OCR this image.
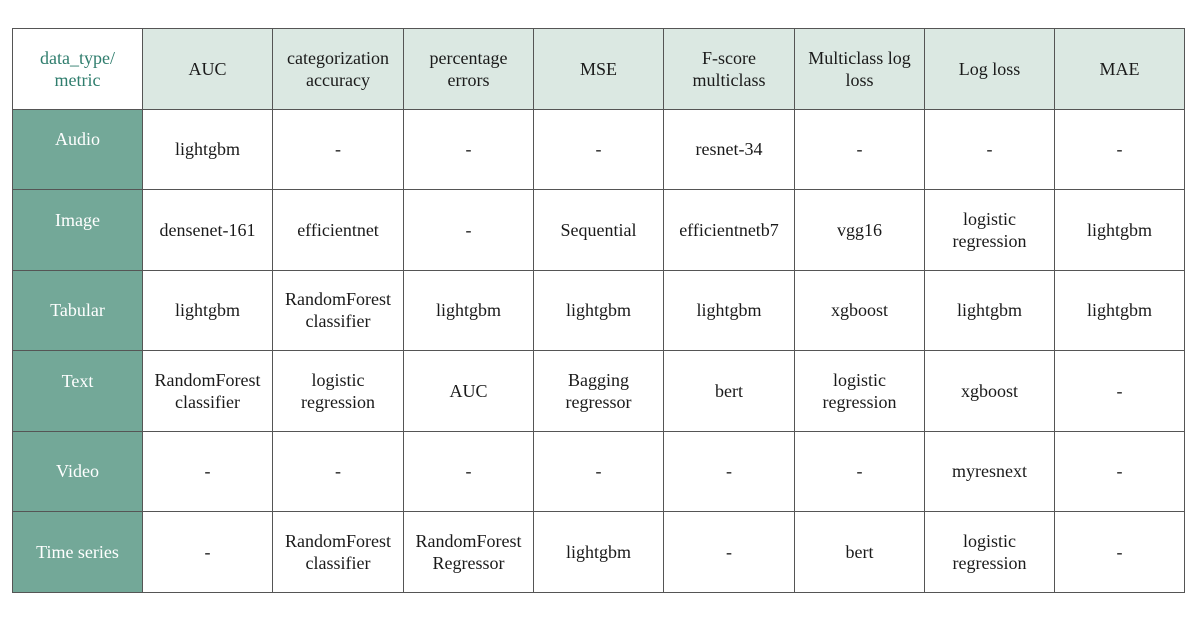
data_type/
metric	AUC	categorization accuracy	percentage errors	MSE	F-score multiclass	Multiclass log loss	Log loss	MAE
Audio	lightgbm	-	-	-	resnet-34	-	-	-
Image	densenet-161	efficientnet	-	Sequential	efficientnetb7	vgg16	logistic regression	lightgbm
Tabular	lightgbm	RandomForest classifier	lightgbm	lightgbm	lightgbm	xgboost	lightgbm	lightgbm
Text	RandomForest classifier	logistic regression	AUC	Bagging regressor	bert	logistic regression	xgboost	-
Video	-	-	-	-	-	-	myresnext	-
Time series	-	RandomForest classifier	RandomForest Regressor	lightgbm	-	bert	logistic regression	-
